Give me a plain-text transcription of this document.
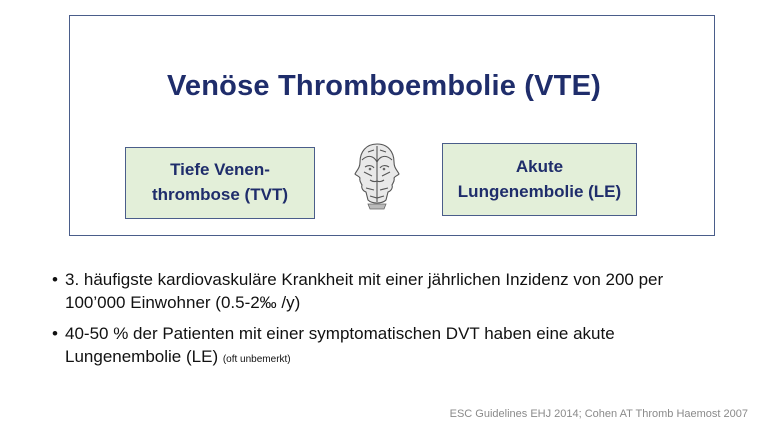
Venöse Thromboembolie (VTE)
Tiefe Venen-
thrombose (TVT)
Akute
Lungenembolie (LE)
• 3. häufigste kardiovaskuläre Krankheit mit einer jährlichen Inzidenz von 200 per
100’000 Einwohner (0.5-2‰ /y)
• 40-50 % der Patienten mit einer symptomatischen DVT haben eine akute
Lungenembolie (LE) (oft unbemerkt)
ESC Guidelines EHJ 2014; Cohen AT Thromb Haemost 2007
